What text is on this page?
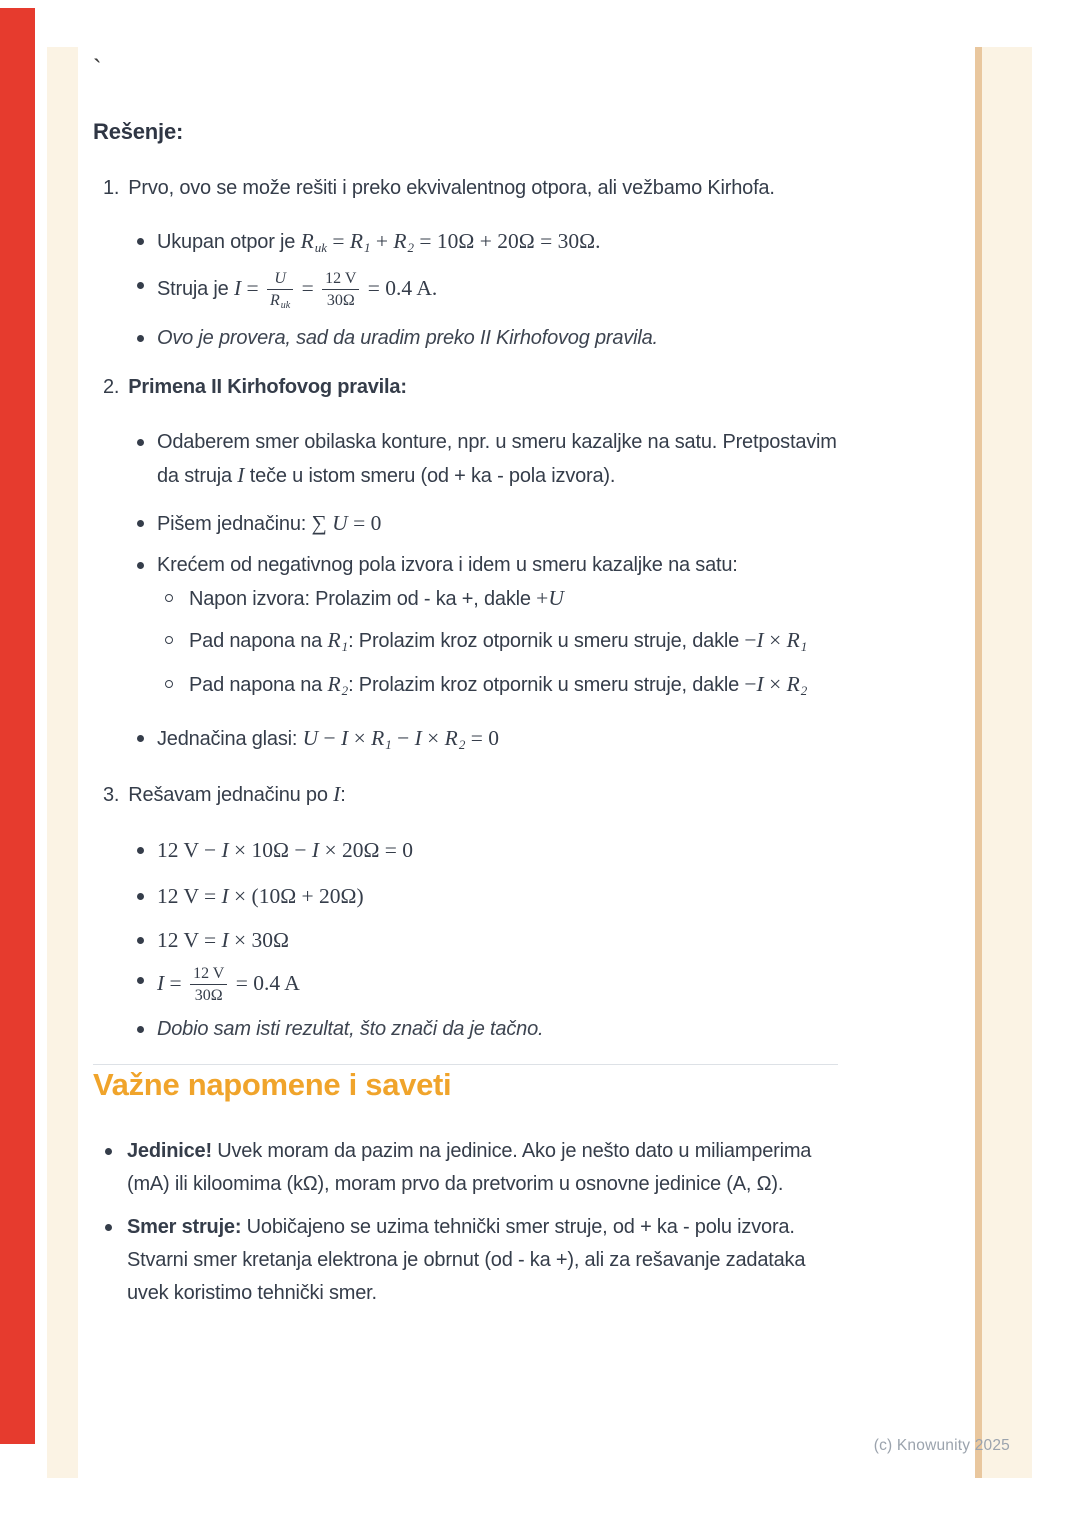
`
Rešenje:
1. Prvo, ovo se može rešiti i preko ekvivalentnog otpora, ali vežbamo Kirhofa.
Ukupan otpor je $R_{uk} = R_1 + R_2 = 10\Omega + 20\Omega = 30\Omega$.
Struja je $I = \frac{U}{R_{uk}} = \frac{12 V}{30\Omega} = 0.4$ A.
Ovo je provera, sad da uradim preko II Kirhofovog pravila.
2. Primena II Kirhofovog pravila:
Odaberem smer obilaska konture, npr. u smeru kazaljke na satu. Pretpostavim da struja I teče u istom smeru (od + ka - pola izvora).
Pišem jednačinu: ∑ U = 0
Krećem od negativnog pola izvora i idem u smeru kazaljke na satu:
Napon izvora: Prolazim od - ka +, dakle +U
Pad napona na $R_1$: Prolazim kroz otpornik u smeru struje, dakle $-I \times R_1$
Pad napona na $R_2$: Prolazim kroz otpornik u smeru struje, dakle $-I \times R_2$
Jednačina glasi: $U - I \times R_1 - I \times R_2 = 0$
3. Rešavam jednačinu po I:
12 V − I × 10Ω − I × 20Ω = 0
12 V = I × (10Ω + 20Ω)
12 V = I × 30Ω
$I = \frac{12 V}{30\Omega} = 0.4$ A
Dobio sam isti rezultat, što znači da je tačno.
Važne napomene i saveti
Jedinice! Uvek moram da pazim na jedinice. Ako je nešto dato u miliamperima (mA) ili kiloomima (kΩ), moram prvo da pretvorim u osnovne jedinice (A, Ω).
Smer struje: Uobičajeno se uzima tehnički smer struje, od + ka - polu izvora. Stvarni smer kretanja elektrona je obrnut (od - ka +), ali za rešavanje zadataka uvek koristimo tehnički smer.
(c) Knowunity 2025
